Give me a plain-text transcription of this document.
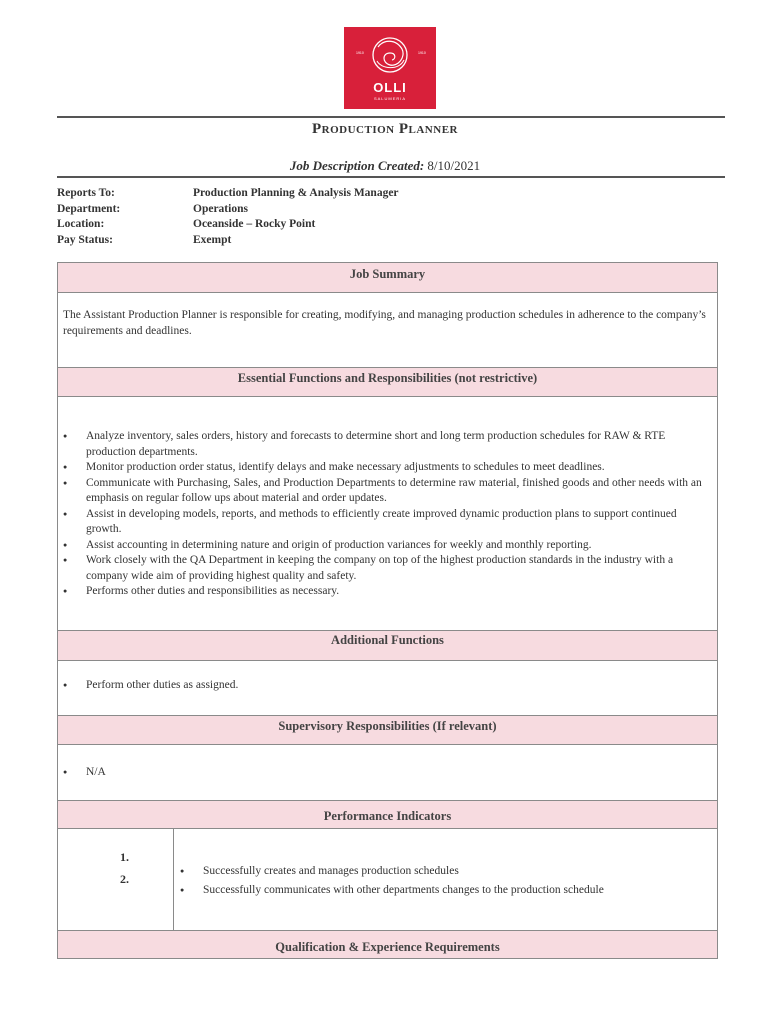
1910	1910
OLLI
SALUMERIA
Production Planner
Job Description Created: 8/10/2021
Reports To:	Production Planning & Analysis Manager
Department:	Operations
Location:	Oceanside – Rocky Point
Pay Status:	Exempt
Job Summary
The Assistant Production Planner is responsible for creating, modifying, and managing production schedules in adherence to the company’s requirements and deadlines.
Essential Functions and Responsibilities (not restrictive)
● Analyze inventory, sales orders, history and forecasts to determine short and long term production schedules for RAW & RTE production departments.
● Monitor production order status, identify delays and make necessary adjustments to schedules to meet deadlines.
● Communicate with Purchasing, Sales, and Production Departments to determine raw material, finished goods and other needs with an emphasis on regular follow ups about material and order updates.
● Assist in developing models, reports, and methods to efficiently create improved dynamic production plans to support continued growth.
● Assist accounting in determining nature and origin of production variances for weekly and monthly reporting.
● Work closely with the QA Department in keeping the company on top of the highest production standards in the industry with a company wide aim of providing highest quality and safety.
● Performs other duties and responsibilities as necessary.
Additional Functions
● Perform other duties as assigned.
Supervisory Responsibilities (If relevant)
● N/A
Performance Indicators
1.
2.
● Successfully creates and manages production schedules
● Successfully communicates with other departments changes to the production schedule
Qualification & Experience Requirements
